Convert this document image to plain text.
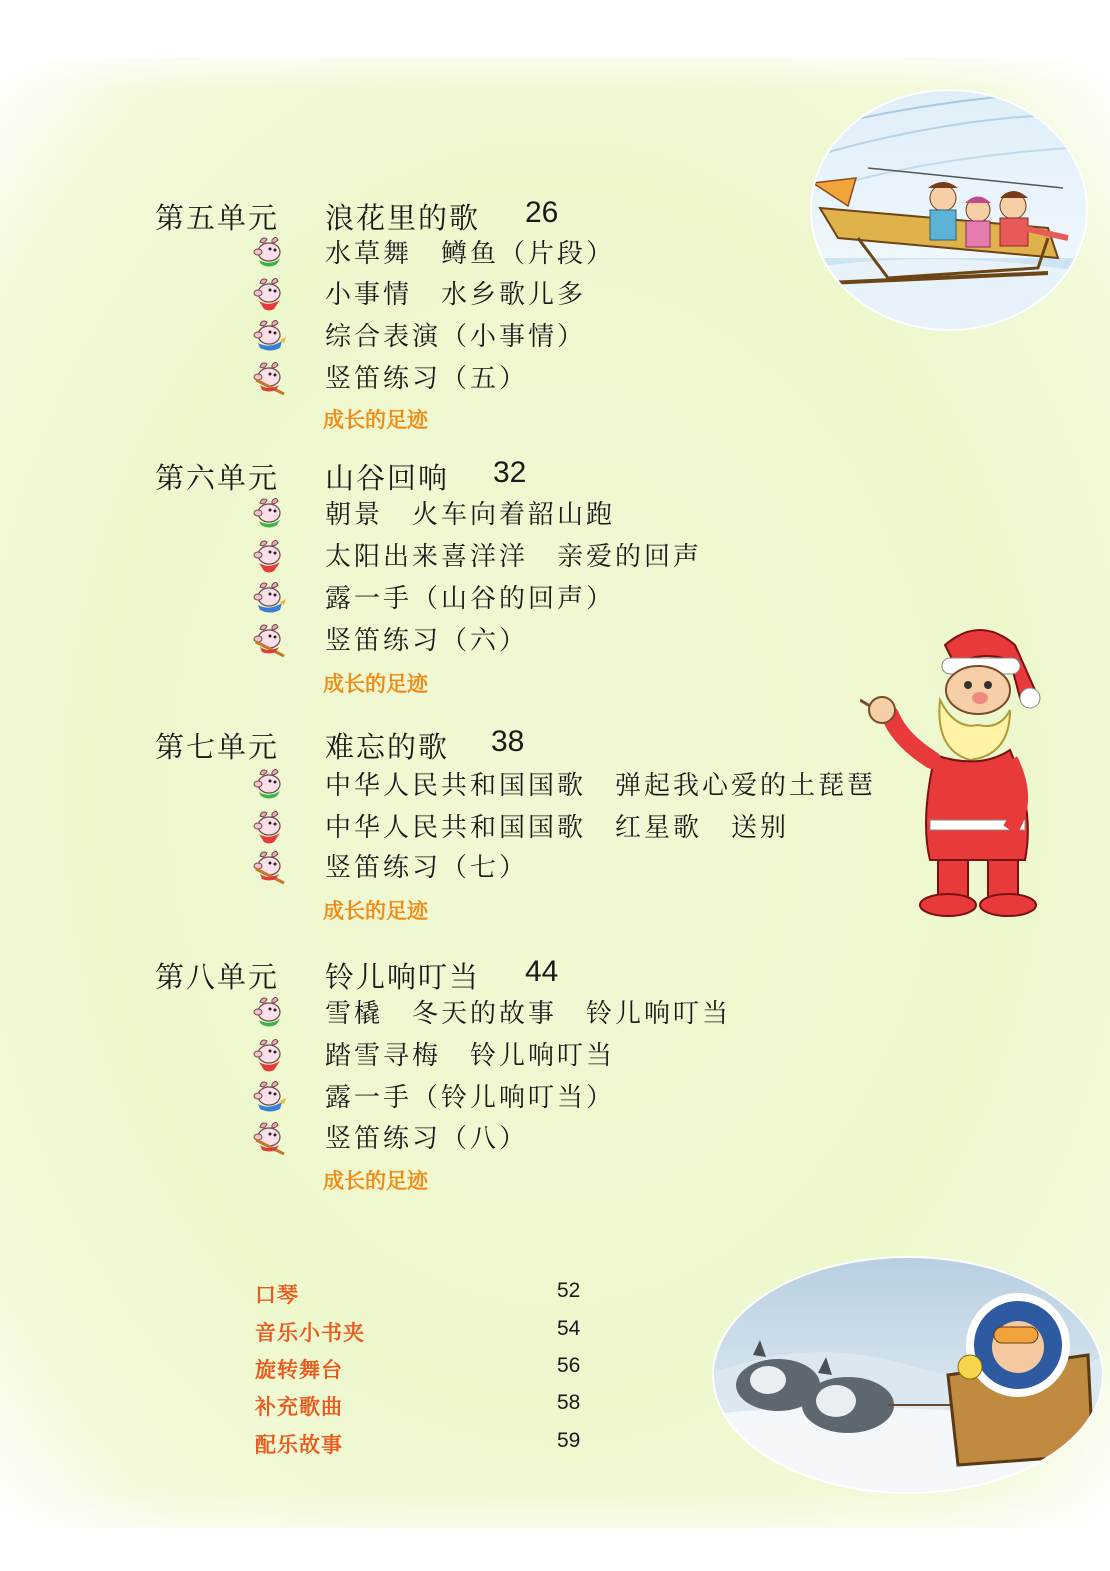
第五单元 浪花里的歌 26
水草舞　鳟鱼（片段）
小事情　水乡歌儿多
综合表演（小事情）
竖笛练习（五）
成长的足迹
第六单元 山谷回响 32
朝景　火车向着韶山跑
太阳出来喜洋洋　亲爱的回声
露一手（山谷的回声）
竖笛练习（六）
成长的足迹
第七单元 难忘的歌 38
中华人民共和国国歌　弹起我心爱的土琵琶
中华人民共和国国歌　红星歌　送别
竖笛练习（七）
成长的足迹
第八单元 铃儿响叮当 44
雪橇　冬天的故事　铃儿响叮当
踏雪寻梅　铃儿响叮当
露一手（铃儿响叮当）
竖笛练习（八）
成长的足迹
口琴	52
音乐小书夹	54
旋转舞台	56
补充歌曲	58
配乐故事	59
